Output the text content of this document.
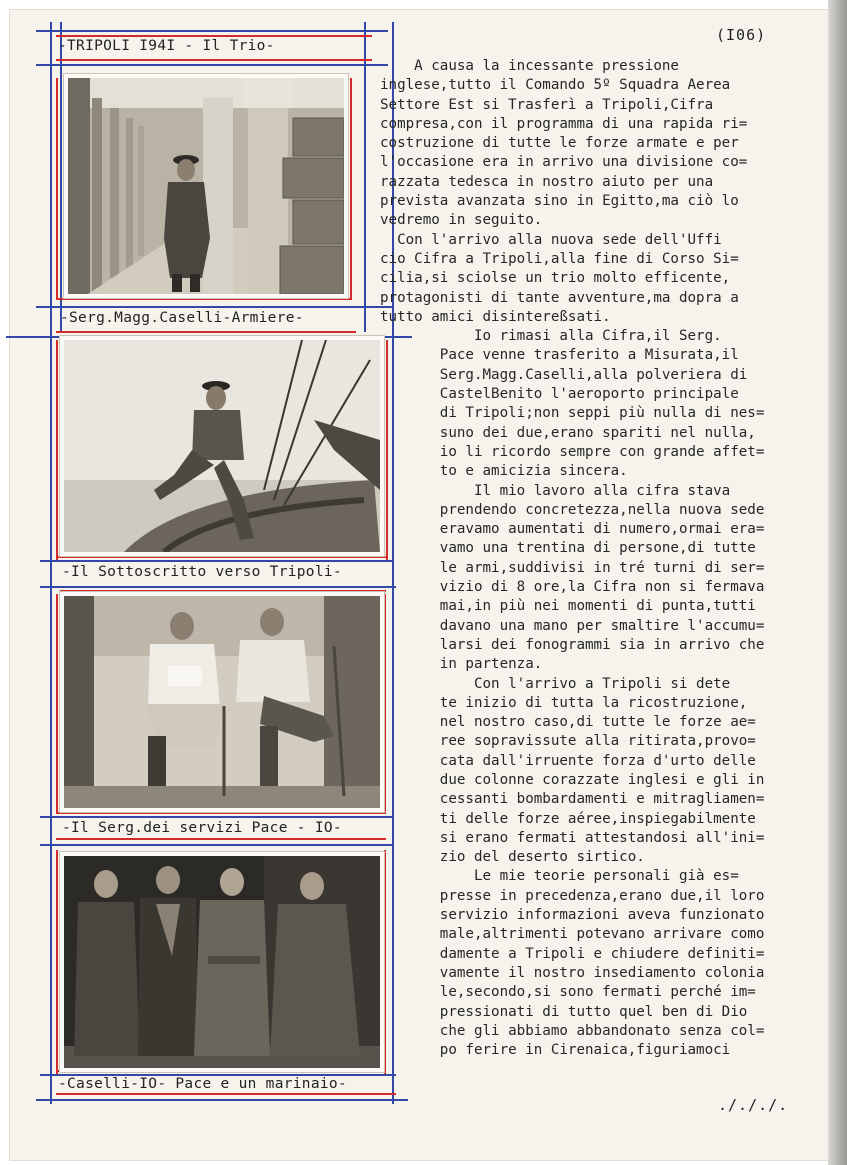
(I06)
-TRIPOLI I94I - Il Trio-
-Serg.Magg.Caselli-Armiere-
-Il Sottoscritto verso Tripoli-
-Il Serg.dei servizi Pace - IO-
-Caselli-IO- Pace e un marinaio-
A causa la incessante pressione
inglese,tutto il Comando 5º Squadra Aerea
Settore Est si Trasferì a Tripoli,Cifra
compresa,con il programma di una rapida ri=
costruzione di tutte le forze armate e per
l'occasione era in arrivo una divisione co=
razzata tedesca in nostro aiuto per una
prevista avanzata sino in Egitto,ma ciò lo
vedremo in seguito.
Con l'arrivo alla nuova sede dell'Uffi
cio Cifra a Tripoli,alla fine di Corso Si=
cilia,si sciolse un trio molto efficente,
protagonisti di tante avventure,ma dopra a
tutto amici disintereßsati.
Io rimasi alla Cifra,il Serg.
Pace venne trasferito a Misurata,il
Serg.Magg.Caselli,alla polveriera di
CastelBenito l'aeroporto principale
di Tripoli;non seppi più nulla di nes=
suno dei due,erano spariti nel nulla,
io li ricordo sempre con grande affet=
to e amicizia sincera.
Il mio lavoro alla cifra stava
prendendo concretezza,nella nuova sede
eravamo aumentati di numero,ormai era=
vamo una trentina di persone,di tutte
le armi,suddivisi in tré turni di ser=
vizio di 8 ore,la Cifra non si fermava
mai,in più nei momenti di punta,tutti
davano una mano per smaltire l'accumu=
larsi dei fonogrammi sia in arrivo che
in partenza.
Con l'arrivo a Tripoli si dete
te inizio di tutta la ricostruzione,
nel nostro caso,di tutte le forze ae=
ree sopravissute alla ritirata,provo=
cata dall'irruente forza d'urto delle
due colonne corazzate inglesi e gli in
cessanti bombardamenti e mitragliamen=
ti delle forze aéree,inspiegabilmente
si erano fermati attestandosi all'ini=
zio del deserto sirtico.
Le mie teorie personali già es=
presse in precedenza,erano due,il loro
servizio informazioni aveva funzionato
male,altrimenti potevano arrivare como
damente a Tripoli e chiudere definiti=
vamente il nostro insediamento colonia
le,secondo,si sono fermati perché im=
pressionati di tutto quel ben di Dio
che gli abbiamo abbandonato senza col=
po ferire in Cirenaica,figuriamoci
./././.
